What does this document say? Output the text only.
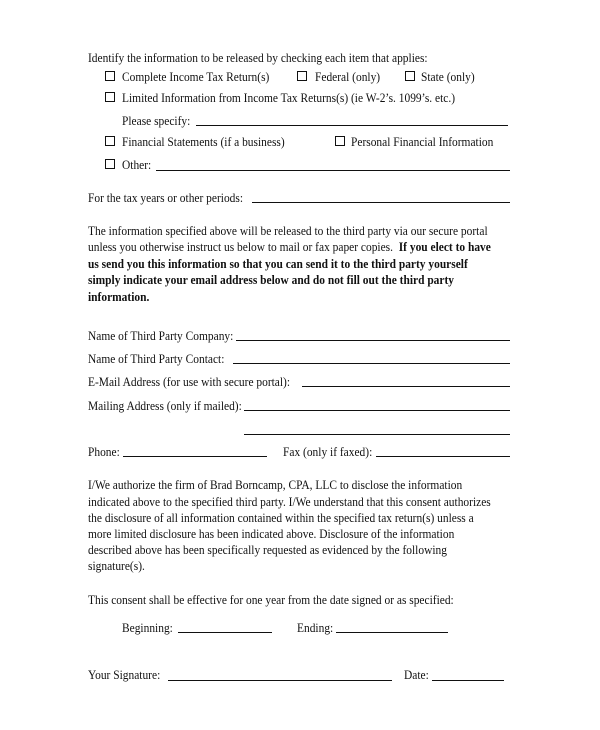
Identify the information to be released by checking each item that applies:
Complete Income Tax Return(s)	Federal (only)	State (only)
Limited Information from Income Tax Returns(s) (ie W-2’s. 1099’s. etc.)
Please specify:
Financial Statements (if a business)	Personal Financial Information
Other:
For the tax years or other periods:
The information specified above will be released to the third party via our secure portal
unless you otherwise instruct us below to mail or fax paper copies. If you elect to have
us send you this information so that you can send it to the third party yourself
simply indicate your email address below and do not fill out the third party
information.
Name of Third Party Company:
Name of Third Party Contact:
E-Mail Address (for use with secure portal):
Mailing Address (only if mailed):
Phone:	Fax (only if faxed):
I/We authorize the firm of Brad Borncamp, CPA, LLC to disclose the information
indicated above to the specified third party. I/We understand that this consent authorizes
the disclosure of all information contained within the specified tax return(s) unless a
more limited disclosure has been indicated above. Disclosure of the information
described above has been specifically requested as evidenced by the following
signature(s).
This consent shall be effective for one year from the date signed or as specified:
Beginning:	Ending:
Your Signature:	Date:
